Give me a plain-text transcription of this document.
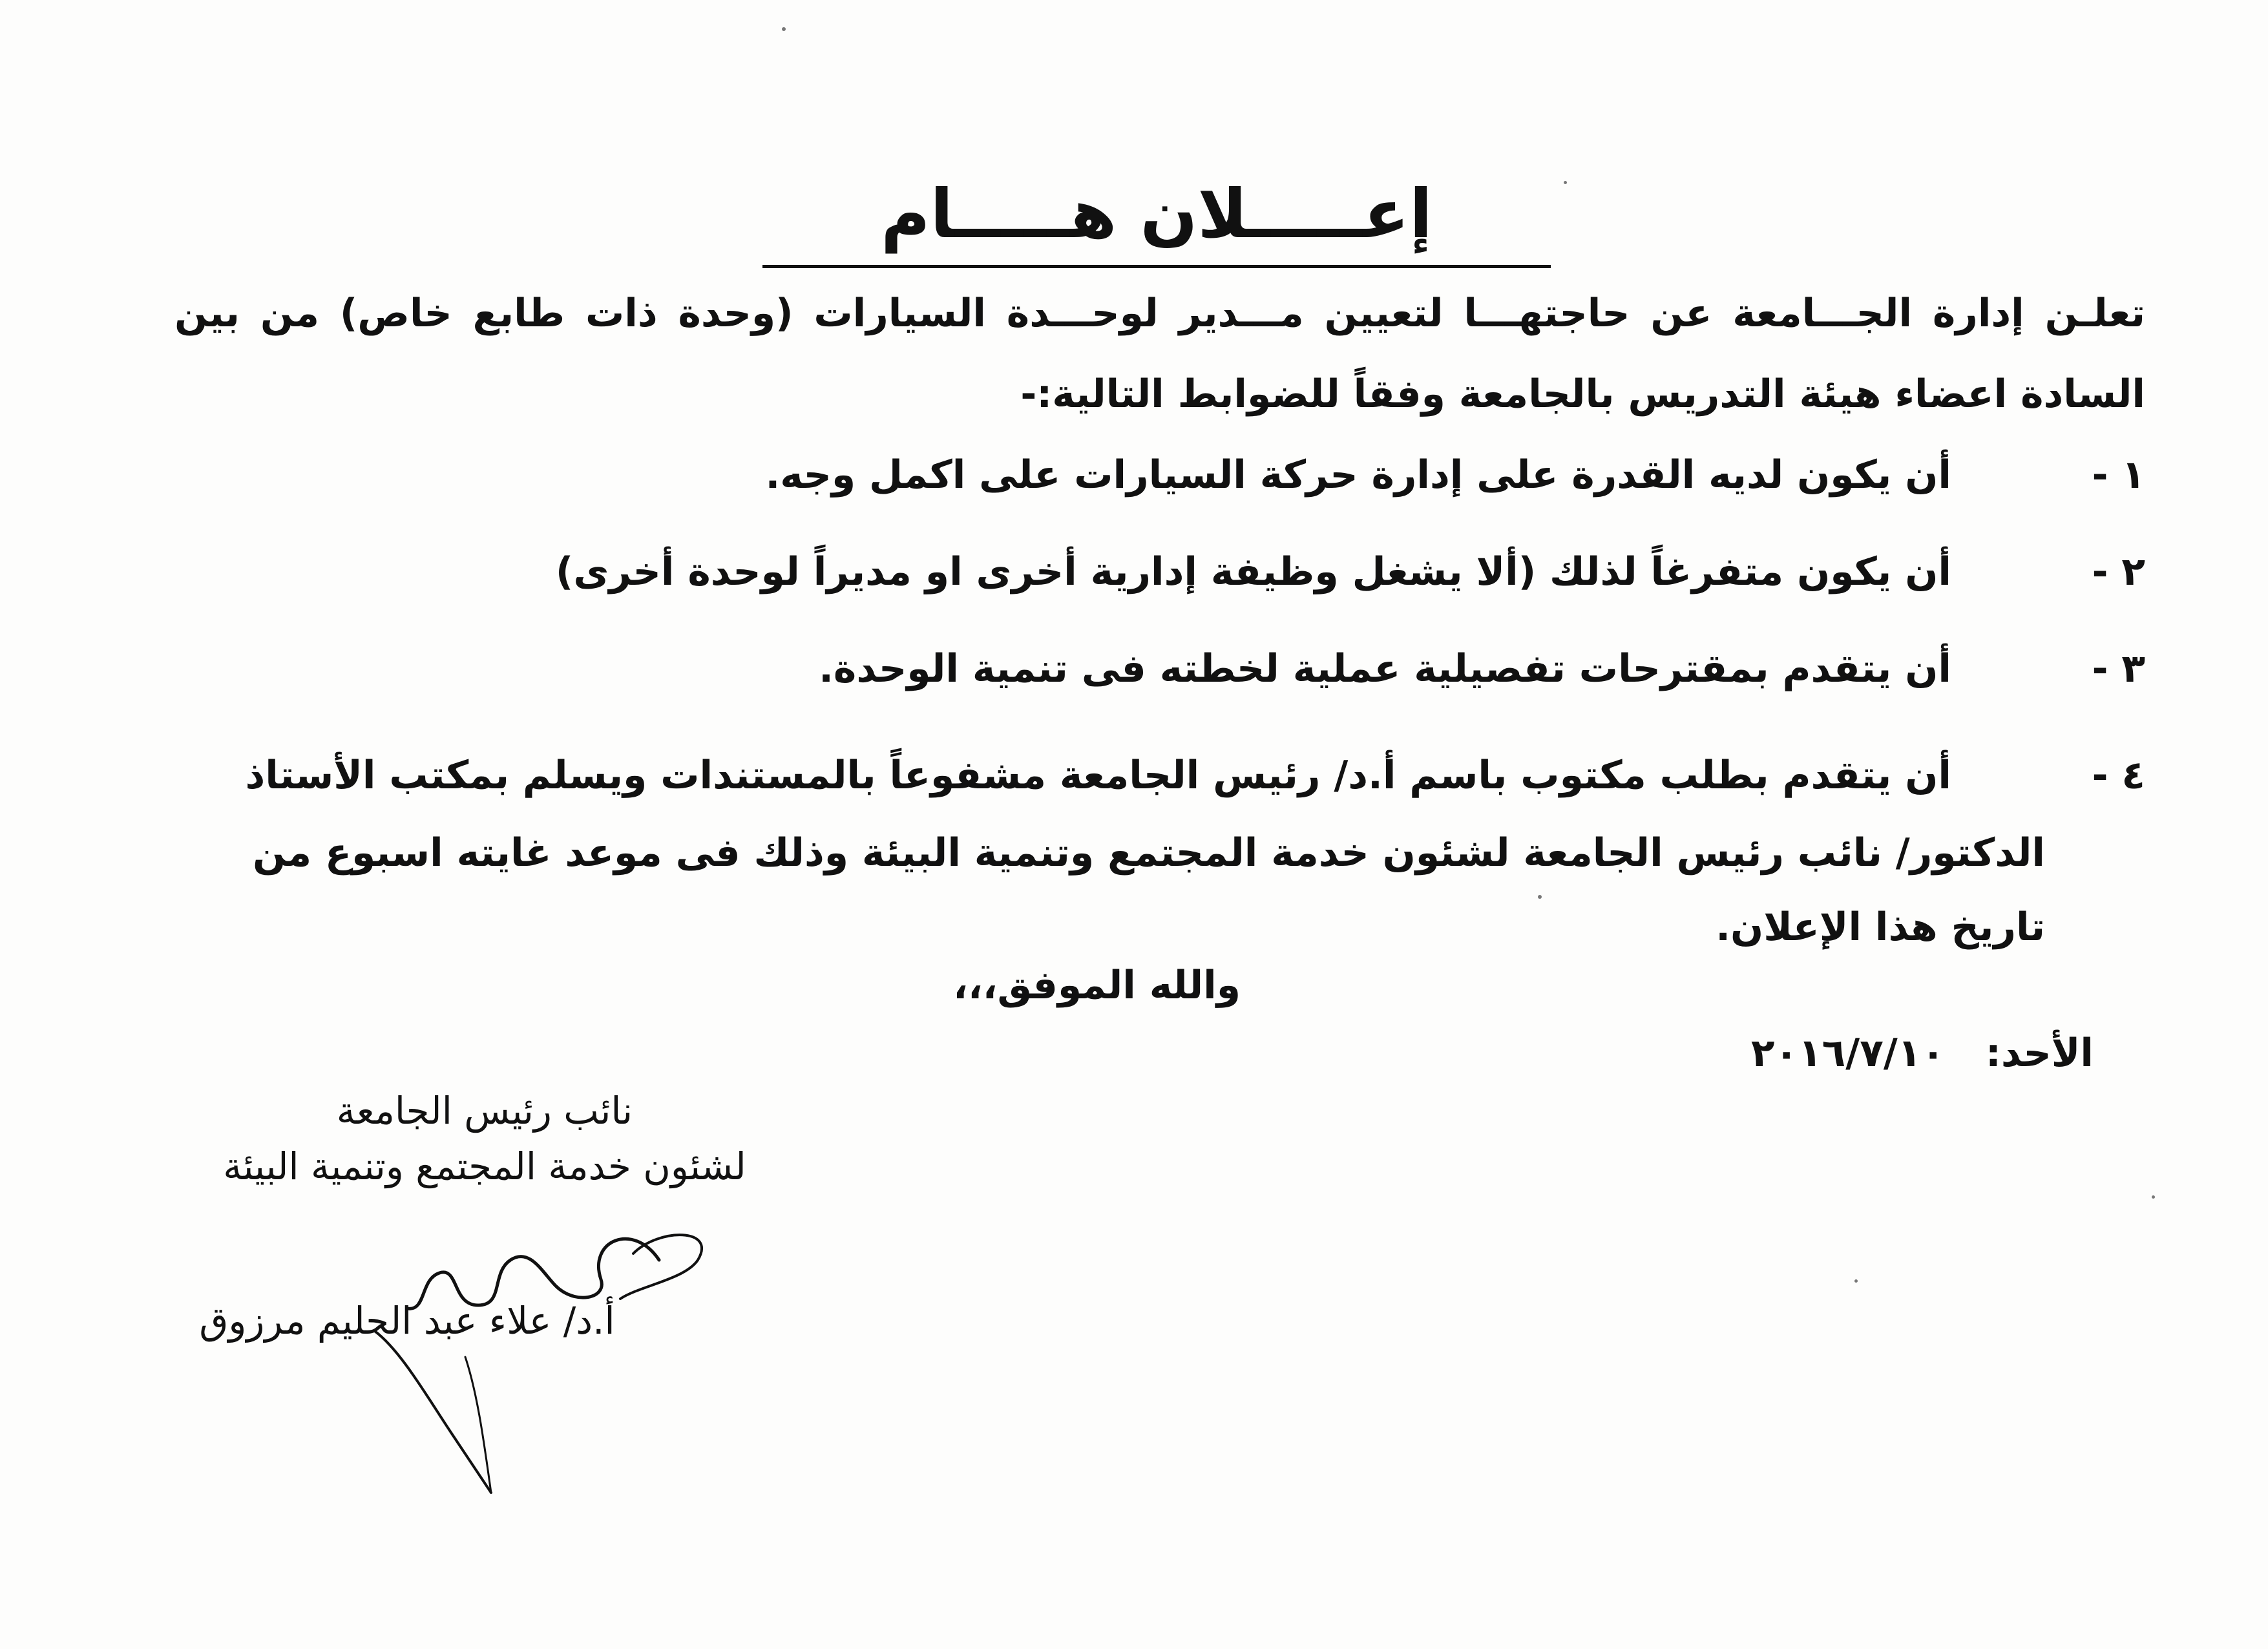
إعـــــلان هـــــام
تعلـن إدارة الجـــامعة عن حاجتهـــا لتعيين مـــدير لوحـــدة السيارات (وحدة ذات طابع خاص) من بين
السادة اعضاء هيئة التدريس بالجامعة وفقاً للضوابط التالية:-
١ -
أن يكون لديه القدرة على إدارة حركة السيارات على اكمل وجه.
٢ -
أن يكون متفرغاً لذلك (ألا يشغل وظيفة إدارية أخرى او مديراً لوحدة أخرى)
٣ -
أن يتقدم بمقترحات تفصيلية عملية لخطته فى تنمية الوحدة.
٤ -
أن يتقدم بطلب مكتوب باسم أ.د/ رئيس الجامعة مشفوعاً بالمستندات ويسلم بمكتب الأستاذ
الدكتور/ نائب رئيس الجامعة لشئون خدمة المجتمع وتنمية البيئة وذلك فى موعد غايته اسبوع من
تاريخ هذا الإعلان.
والله الموفق،،،
الأحد:
٢٠١٦/٧/١٠
نائب رئيس الجامعة
لشئون خدمة المجتمع وتنمية البيئة
أ.د/ علاء عبد الحليم مرزوق
